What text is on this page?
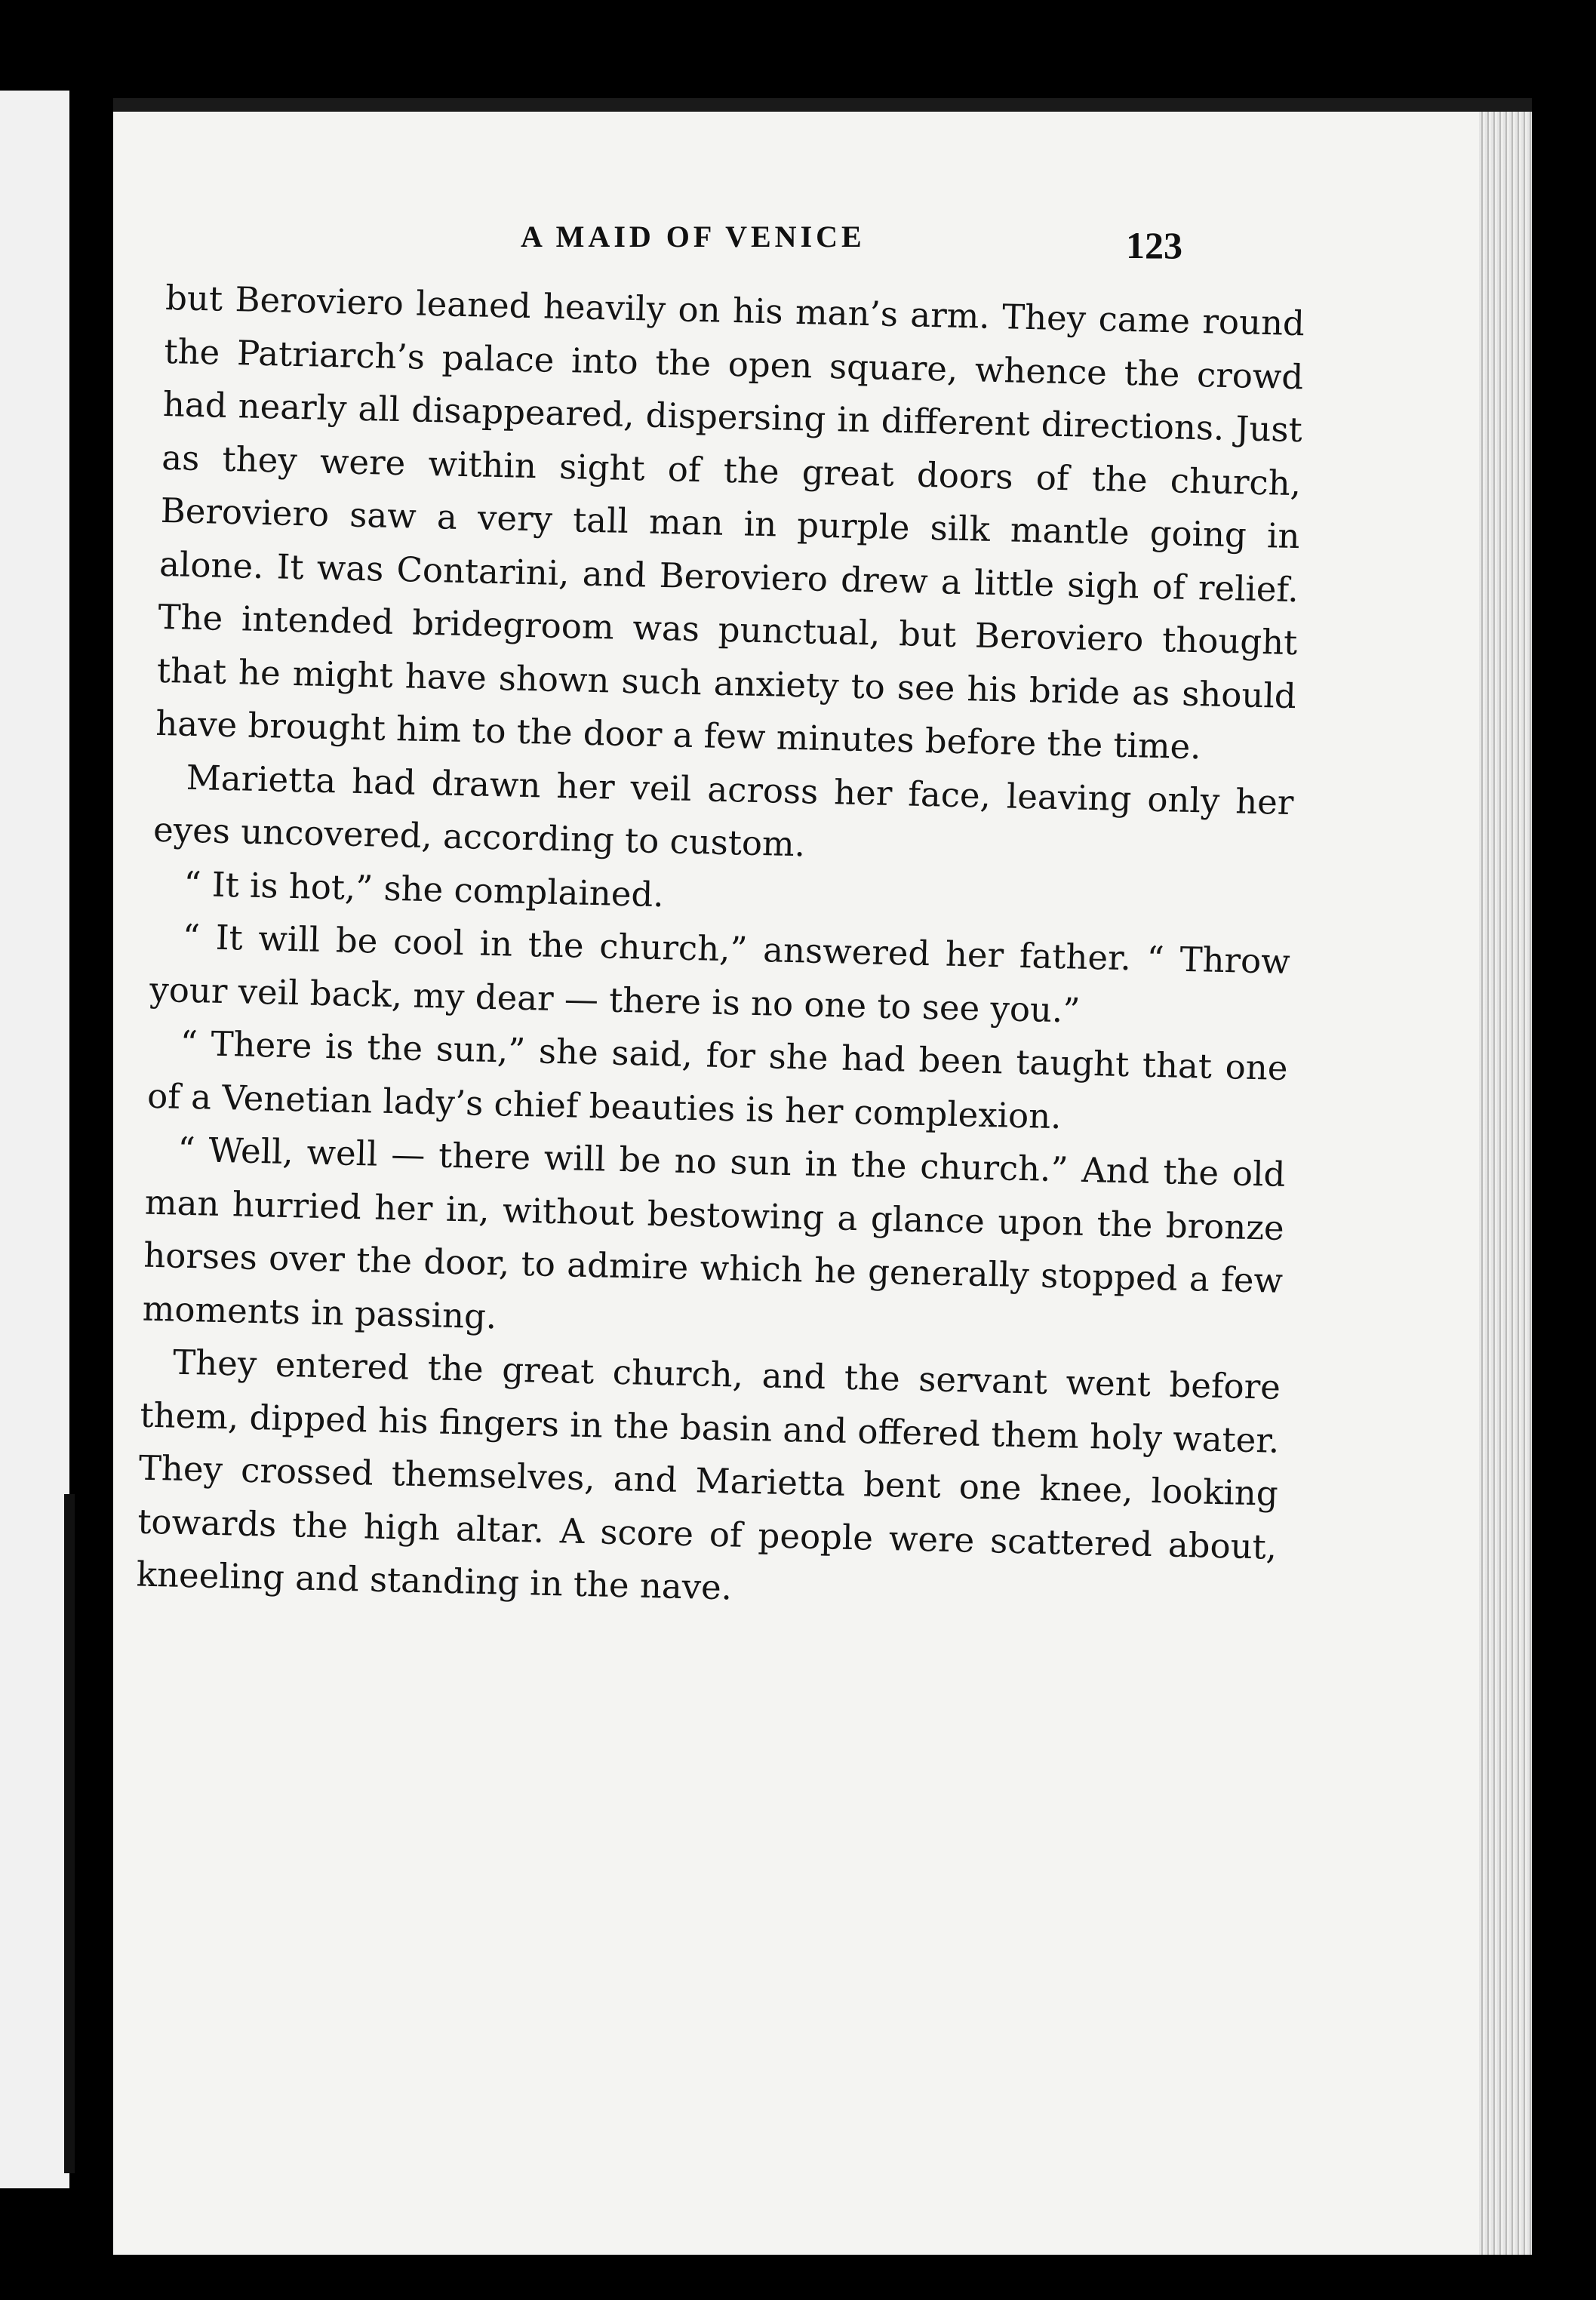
A MAID OF VENICE	123

but Beroviero leaned heavily on his man’s arm. They came round the Patriarch’s palace into the open square, whence the crowd had nearly all disappeared, dispersing in different directions. Just as they were within sight of the great doors of the church, Beroviero saw a very tall man in purple silk mantle going in alone. It was Contarini, and Beroviero drew a little sigh of relief. The intended bridegroom was punctual, but Beroviero thought that he might have shown such anxiety to see his bride as should have brought him to the door a few minutes before the time.

Marietta had drawn her veil across her face, leaving only her eyes uncovered, according to custom.

“ It is hot,” she complained.

“ It will be cool in the church,” answered her father. “ Throw your veil back, my dear — there is no one to see you.”

“ There is the sun,” she said, for she had been taught that one of a Venetian lady’s chief beauties is her complexion.

“ Well, well — there will be no sun in the church.” And the old man hurried her in, without bestowing a glance upon the bronze horses over the door, to admire which he generally stopped a few moments in passing.

They entered the great church, and the servant went before them, dipped his fingers in the basin and offered them holy water. They crossed themselves, and Marietta bent one knee, looking towards the high altar. A score of people were scattered about, kneeling and standing in the nave.
